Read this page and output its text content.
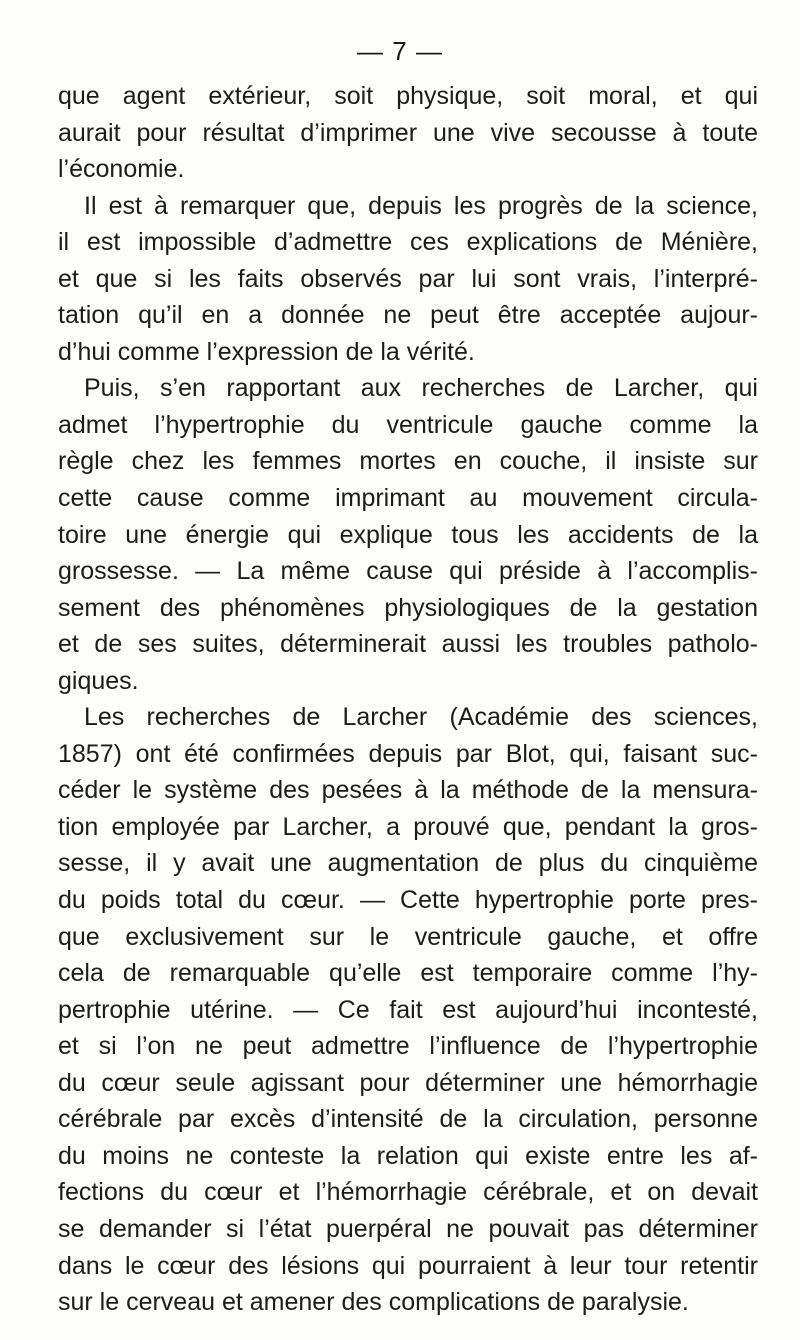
— 7 —
que agent extérieur, soit physique, soit moral, et qui
aurait pour résultat d’imprimer une vive secousse à toute
l’économie.
Il est à remarquer que, depuis les progrès de la science,
il est impossible d’admettre ces explications de Ménière,
et que si les faits observés par lui sont vrais, l’interpré-
tation qu’il en a donnée ne peut être acceptée aujour-
d’hui comme l’expression de la vérité.
Puis, s’en rapportant aux recherches de Larcher, qui
admet l’hypertrophie du ventricule gauche comme la
règle chez les femmes mortes en couche, il insiste sur
cette cause comme imprimant au mouvement circula-
toire une énergie qui explique tous les accidents de la
grossesse. — La même cause qui préside à l’accomplis-
sement des phénomènes physiologiques de la gestation
et de ses suites, déterminerait aussi les troubles patholo-
giques.
Les recherches de Larcher (Académie des sciences,
1857) ont été confirmées depuis par Blot, qui, faisant suc-
céder le système des pesées à la méthode de la mensura-
tion employée par Larcher, a prouvé que, pendant la gros-
sesse, il y avait une augmentation de plus du cinquième
du poids total du cœur. — Cette hypertrophie porte pres-
que exclusivement sur le ventricule gauche, et offre
cela de remarquable qu’elle est temporaire comme l’hy-
pertrophie utérine. — Ce fait est aujourd’hui incontesté,
et si l’on ne peut admettre l’influence de l’hypertrophie
du cœur seule agissant pour déterminer une hémorrhagie
cérébrale par excès d’intensité de la circulation, personne
du moins ne conteste la relation qui existe entre les af-
fections du cœur et l’hémorrhagie cérébrale, et on devait
se demander si l’état puerpéral ne pouvait pas déterminer
dans le cœur des lésions qui pourraient à leur tour retentir
sur le cerveau et amener des complications de paralysie.
